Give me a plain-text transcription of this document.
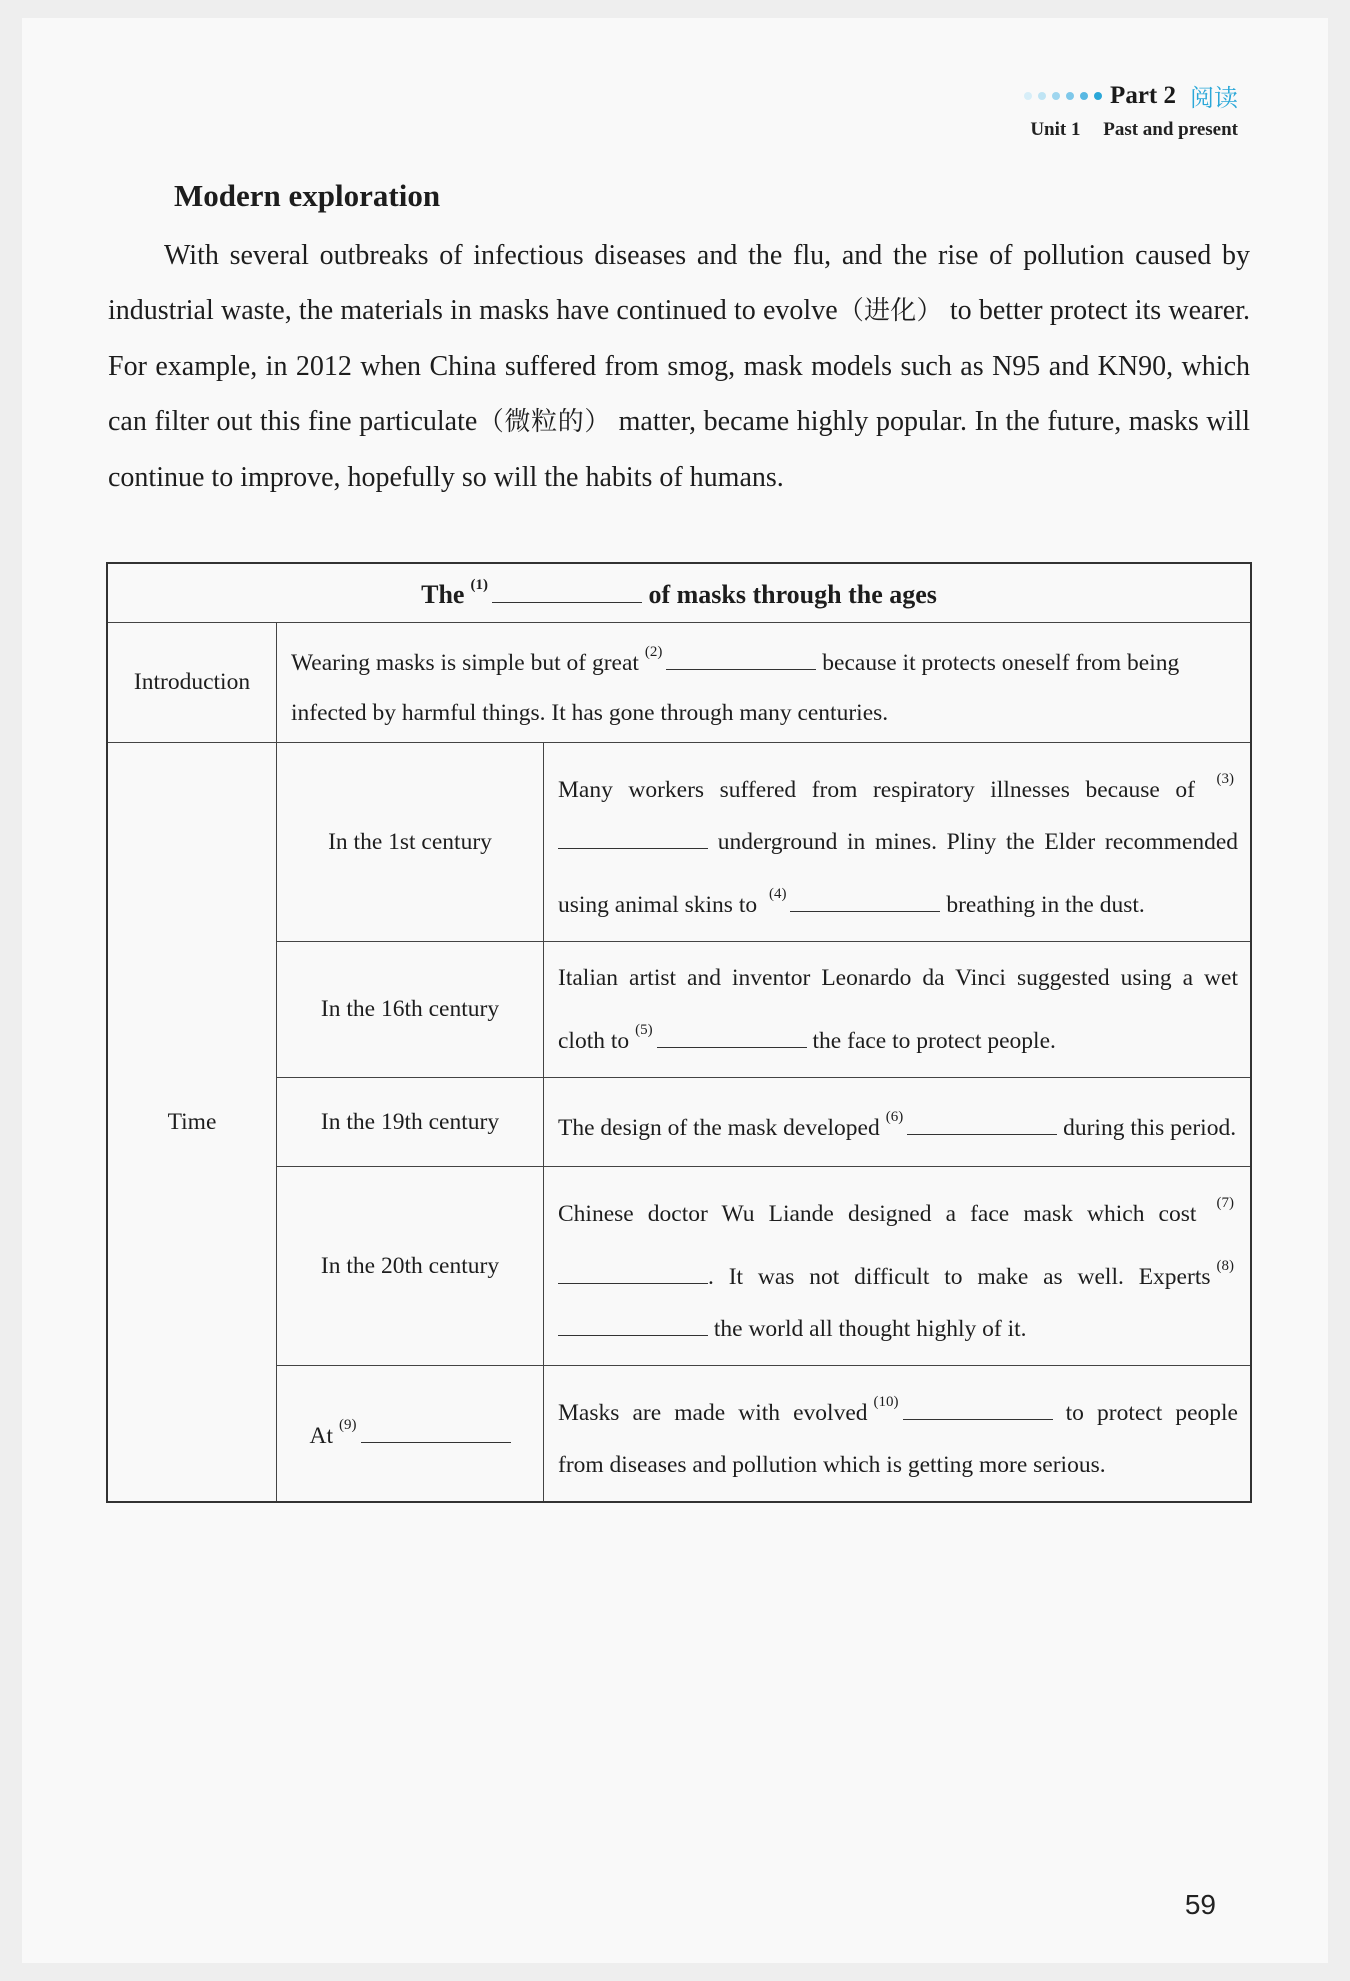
Part 2 阅读
Unit 1 Past and present
Modern exploration
With several outbreaks of infectious diseases and the flu, and the rise of pollution caused by industrial waste, the materials in masks have continued to evolve（进化） to better protect its wearer. For example, in 2012 when China suffered from smog, mask models such as N95 and KN90, which can filter out this fine particulate（微粒的） matter, became highly popular. In the future, masks will continue to improve, hopefully so will the habits of humans.
The $^{(1)}$ of masks through the ages		
Introduction	Wearing masks is simple but of great $^{(2)}$ because it protects oneself from being infected by harmful things. It has gone through many centuries.	
Time	In the 1st century	Many workers suffered from respiratory illnesses because of $^{(3)}$ underground in mines. Pliny the Elder recommended using animal skins to $^{(4)}$ breathing in the dust.
	In the 16th century	Italian artist and inventor Leonardo da Vinci suggested using a wet cloth to $^{(5)}$ the face to protect people.
	In the 19th century	The design of the mask developed $^{(6)}$ during this period.
	In the 20th century	Chinese doctor Wu Liande designed a face mask which cost $^{(7)}$. It was not difficult to make as well. Experts $^{(8)}$ the world all thought highly of it.
	At $^{(9)}$	Masks are made with evolved $^{(10)}$ to protect people from diseases and pollution which is getting more serious.
59
